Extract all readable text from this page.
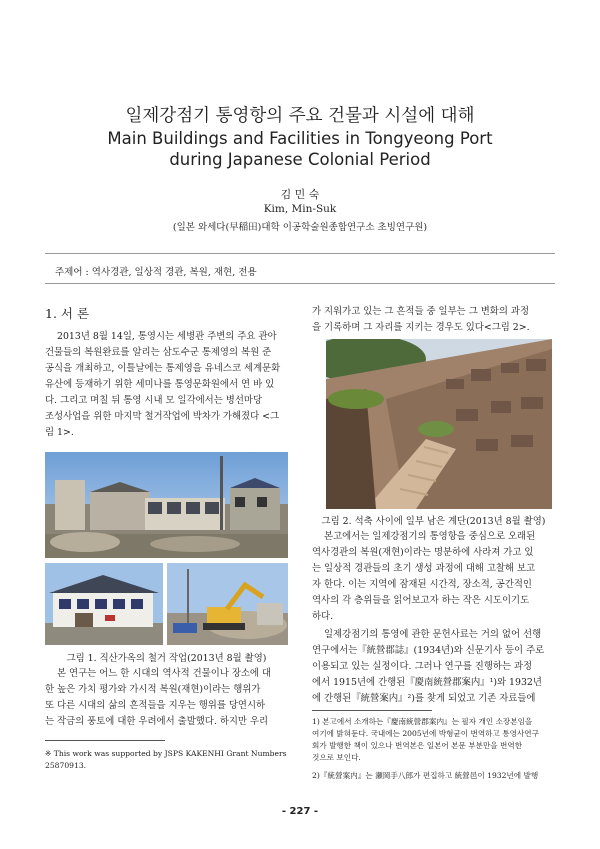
일제강점기 통영항의 주요 건물과 시설에 대해
Main Buildings and Facilities in Tongyeong Port
during Japanese Colonial Period
김 민 숙
Kim, Min-Suk
(일본 와세다(早稲田)대학 이공학술원종합연구소 초빙연구원)
주제어 : 역사경관, 일상적 경관, 복원, 재현, 전용
1. 서 론
2013년 8월 14일, 통영시는 세병관 주변의 주요 관아
건물들의 복원완료를 알리는 삼도수군 통제영의 복원 준
공식을 개최하고, 이틀날에는 통제영을 유네스코 세계문화
유산에 등재하기 위한 세미나를 통영문화원에서 연 바 있
다. 그리고 며칠 뒤 통영 시내 모 일각에서는 병선마당
조성사업을 위한 마지막 철거작업에 박차가 가해졌다 <그
림 1>.
그림 1. 직산가옥의 철거 작업(2013년 8월 촬영)
본 연구는 어느 한 시대의 역사적 건물이나 장소에 대
한 높은 가치 평가와 가시적 복원(재현)이라는 행위가
또 다른 시대의 삶의 흔적들을 지우는 행위를 당연시하
는 작금의 풍토에 대한 우려에서 출발했다. 하지만 우리
※ This work was supported by JSPS KAKENHI Grant Numbers
25870913.
가 지워가고 있는 그 흔적들 중 일부는 그 변화의 과정
을 기록하며 그 자리를 지키는 경우도 있다<그림 2>.
그림 2. 석축 사이에 일부 남은 계단(2013년 8월 촬영)
본고에서는 일제강점기의 통영항을 중심으로 오래된
역사경관의 복원(재현)이라는 명분하에 사라져 가고 있
는 일상적 경관들의 초기 생성 과정에 대해 고찰해 보고
자 한다. 이는 지역에 잠재된 시간적, 장소적, 공간적인
역사의 각 층위들을 읽어보고자 하는 작은 시도이기도
하다.
일제강점기의 통영에 관한 문헌사료는 거의 없어 선행
연구에서는『統營郡誌』(1934년)와 신문기사 등이 주로
이용되고 있는 실정이다. 그러나 연구를 진행하는 과정
에서 1915년에 간행된『慶南統營郡案内』¹)와 1932년
에 간행된『統營案内』²)를 찾게 되었고 기존 자료들에
1) 본고에서 소개하는『慶南統營郡案内』는 필자 개인 소장본임을
여기에 밝혀둔다. 국내에는 2005년에 박형균이 번역하고 통영사연구
회가 발행한 책이 있으나 번역본은 일본어 본문 부분만을 번역한
것으로 보인다.
2)『統營案内』는 瀬岡手八郎가 편집하고 統營邑이 1932년에 발행
- 227 -
